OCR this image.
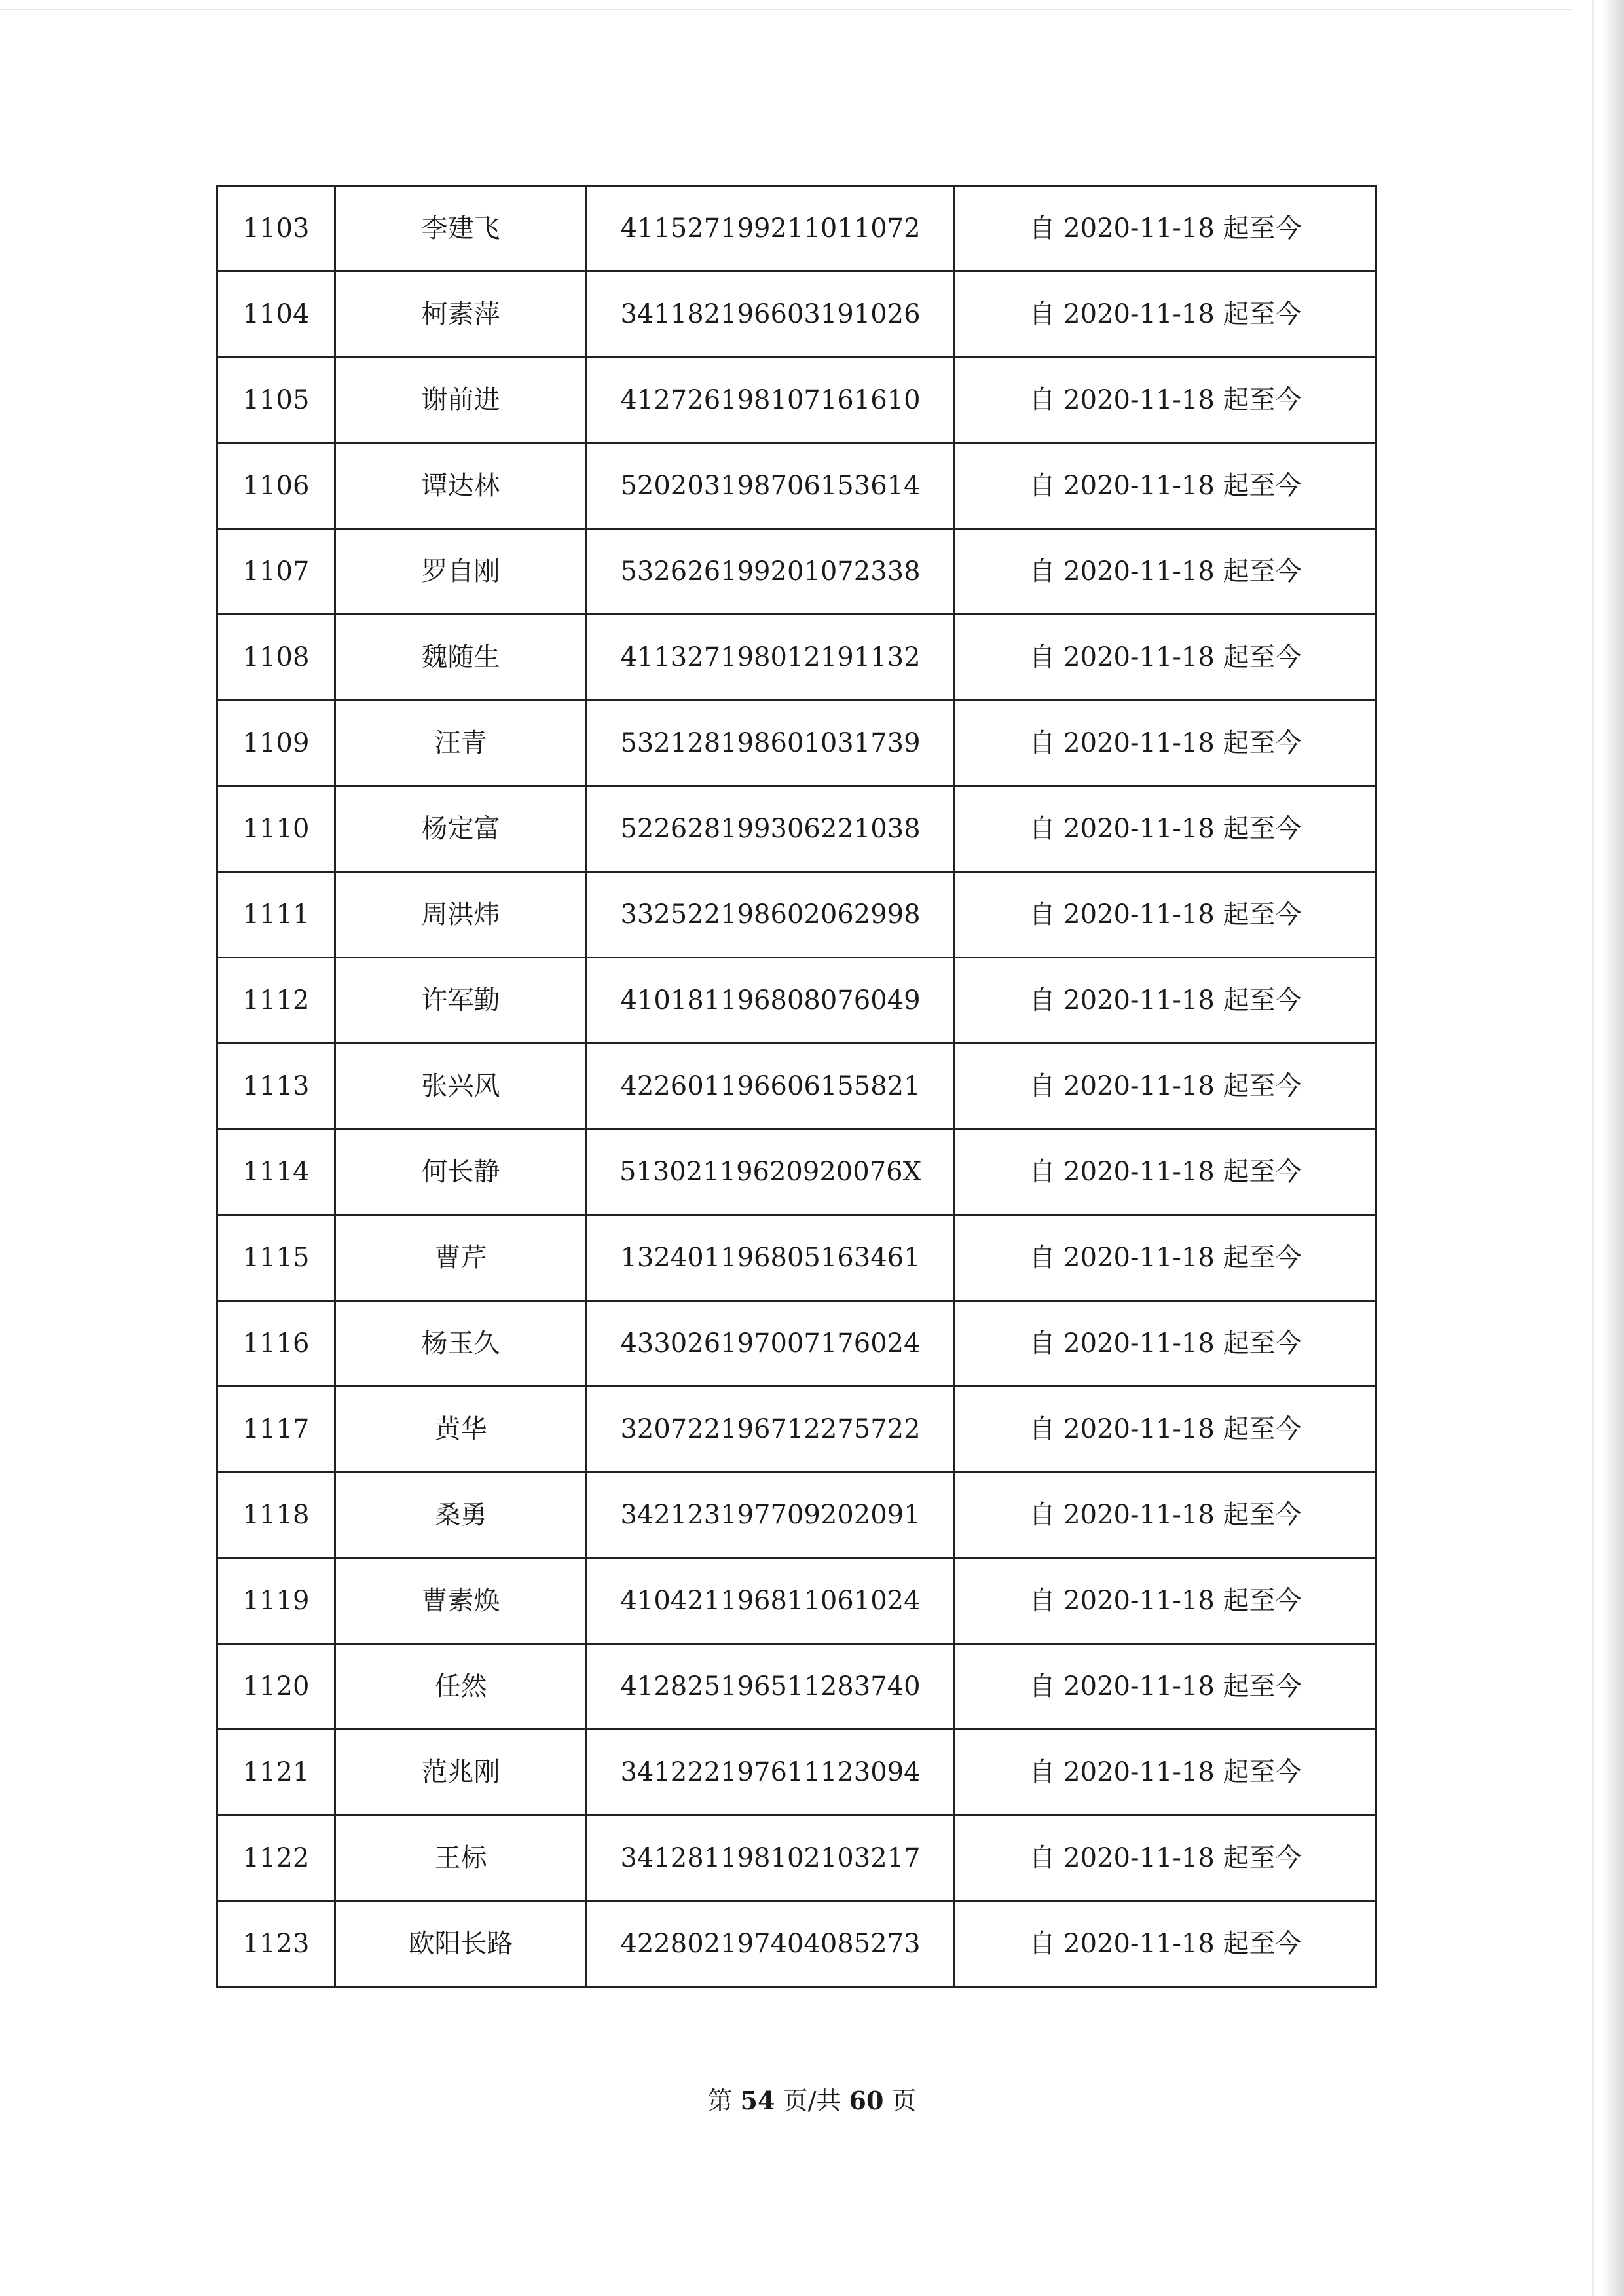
1103	李建飞	411527199211011072	自 2020-11-18 起至今
1104	柯素萍	341182196603191026	自 2020-11-18 起至今
1105	谢前进	412726198107161610	自 2020-11-18 起至今
1106	谭达林	520203198706153614	自 2020-11-18 起至今
1107	罗自刚	532626199201072338	自 2020-11-18 起至今
1108	魏随生	411327198012191132	自 2020-11-18 起至今
1109	汪青	532128198601031739	自 2020-11-18 起至今
1110	杨定富	522628199306221038	自 2020-11-18 起至今
1111	周洪炜	332522198602062998	自 2020-11-18 起至今
1112	许军勤	410181196808076049	自 2020-11-18 起至今
1113	张兴风	422601196606155821	自 2020-11-18 起至今
1114	何长静	51302119620920076X	自 2020-11-18 起至今
1115	曹芹	132401196805163461	自 2020-11-18 起至今
1116	杨玉久	433026197007176024	自 2020-11-18 起至今
1117	黄华	320722196712275722	自 2020-11-18 起至今
1118	桑勇	342123197709202091	自 2020-11-18 起至今
1119	曹素焕	410421196811061024	自 2020-11-18 起至今
1120	任然	412825196511283740	自 2020-11-18 起至今
1121	范兆刚	341222197611123094	自 2020-11-18 起至今
1122	王标	341281198102103217	自 2020-11-18 起至今
1123	欧阳长路	422802197404085273	自 2020-11-18 起至今
第 54 页/共 60 页
